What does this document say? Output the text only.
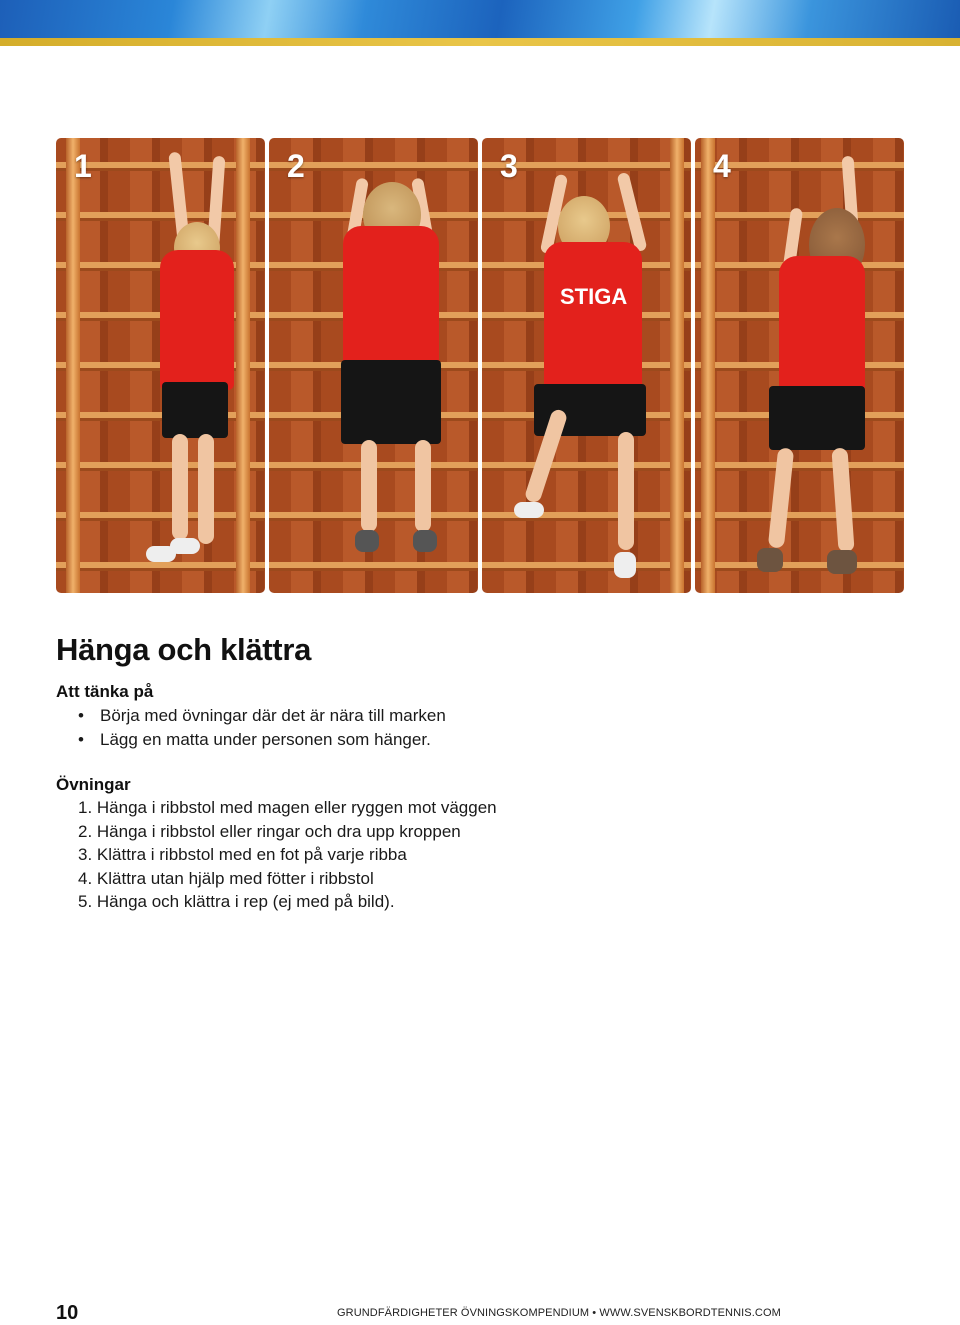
1	2
STIGA
3	4
Hänga och klättra
Att tänka på
• Börja med övningar där det är nära till marken
• Lägg en matta under personen som hänger.
Övningar
1. Hänga i ribbstol med magen eller ryggen mot väggen
2. Hänga i ribbstol eller ringar och dra upp kroppen
3. Klättra i ribbstol med en fot på varje ribba
4. Klättra utan hjälp med fötter i ribbstol
5. Hänga och klättra i rep (ej med på bild).
10	GRUNDFÄRDIGHETER ÖVNINGSKOMPENDIUM • WWW.SVENSKBORDTENNIS.COM
